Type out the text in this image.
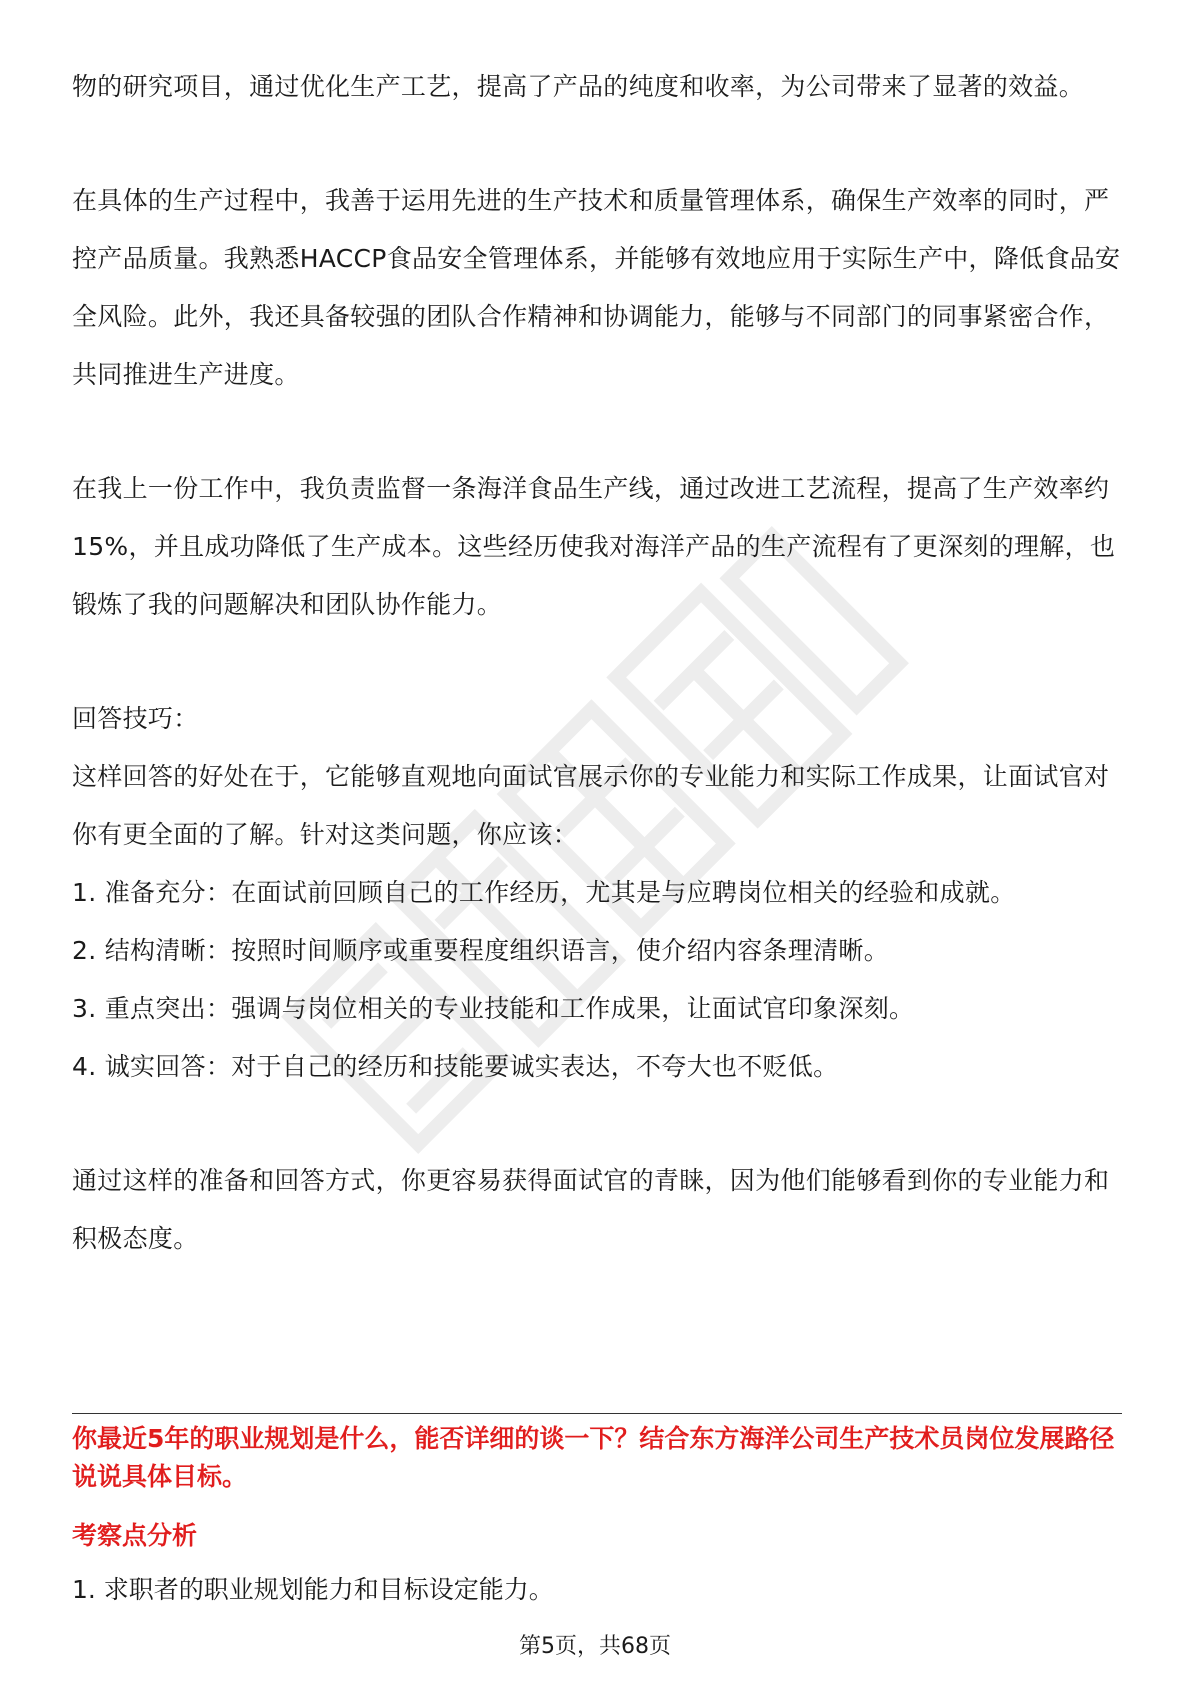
物的研究项目，通过优化生产工艺，提高了产品的纯度和收率，为公司带来了显著的效益。

在具体的生产过程中，我善于运用先进的生产技术和质量管理体系，确保生产效率的同时，严控产品质量。我熟悉HACCP食品安全管理体系，并能够有效地应用于实际生产中，降低食品安全风险。此外，我还具备较强的团队合作精神和协调能力，能够与不同部门的同事紧密合作，共同推进生产进度。

在我上一份工作中，我负责监督一条海洋食品生产线，通过改进工艺流程，提高了生产效率约15%，并且成功降低了生产成本。这些经历使我对海洋产品的生产流程有了更深刻的理解，也锻炼了我的问题解决和团队协作能力。

回答技巧：

这样回答的好处在于，它能够直观地向面试官展示你的专业能力和实际工作成果，让面试官对你有更全面的了解。针对这类问题，你应该：

1. 准备充分：在面试前回顾自己的工作经历，尤其是与应聘岗位相关的经验和成就。

2. 结构清晰：按照时间顺序或重要程度组织语言，使介绍内容条理清晰。

3. 重点突出：强调与岗位相关的专业技能和工作成果，让面试官印象深刻。

4. 诚实回答：对于自己的经历和技能要诚实表达，不夸大也不贬低。

通过这样的准备和回答方式，你更容易获得面试官的青睐，因为他们能够看到你的专业能力和积极态度。

你最近5年的职业规划是什么，能否详细的谈一下？结合东方海洋公司生产技术员岗位发展路径说说具体目标。

考察点分析

1. 求职者的职业规划能力和目标设定能力。

第5页，共68页
